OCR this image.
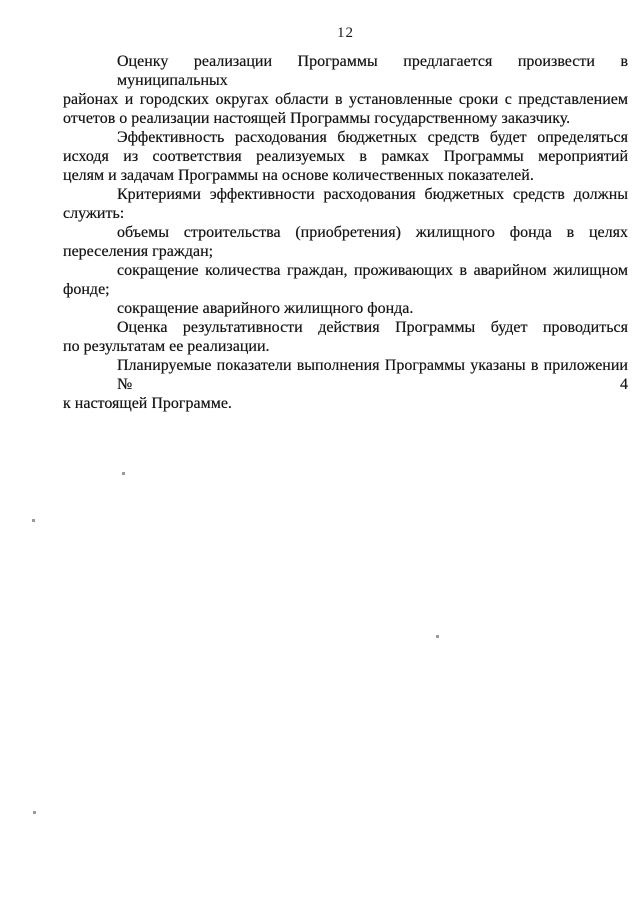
12
Оценку реализации Программы предлагается произвести в муниципальных
районах и городских округах области в установленные сроки с представлением
отчетов о реализации настоящей Программы государственному заказчику.
Эффективность расходования бюджетных средств будет определяться
исходя из соответствия реализуемых в рамках Программы мероприятий
целям и задачам Программы на основе количественных показателей.
Критериями эффективности расходования бюджетных средств должны
служить:
объемы строительства (приобретения) жилищного фонда в целях
переселения граждан;
сокращение количества граждан, проживающих в аварийном жилищном
фонде;
сокращение аварийного жилищного фонда.
Оценка результативности действия Программы будет проводиться
по результатам ее реализации.
Планируемые показатели выполнения Программы указаны в приложении № 4
к настоящей Программе.
